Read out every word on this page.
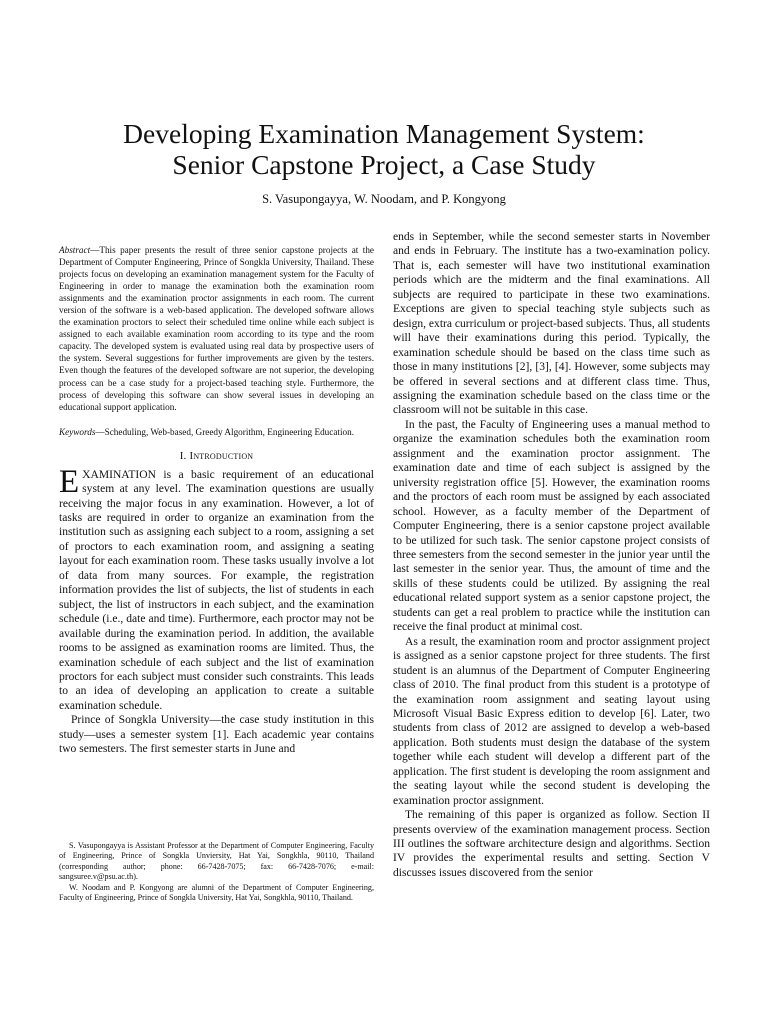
Developing Examination Management System:
Senior Capstone Project, a Case Study
S. Vasupongayya, W. Noodam, and P. Kongyong

Abstract—This paper presents the result of three senior capstone projects at the Department of Computer Engineering, Prince of Songkla University, Thailand. These projects focus on developing an examination management system for the Faculty of Engineering in order to manage the examination both the examination room assignments and the examination proctor assignments in each room. The current version of the software is a web-based application. The developed software allows the examination proctors to select their scheduled time online while each subject is assigned to each available examination room according to its type and the room capacity. The developed system is evaluated using real data by prospective users of the system. Several suggestions for further improvements are given by the testers. Even though the features of the developed software are not superior, the developing process can be a case study for a project-based teaching style. Furthermore, the process of developing this software can show several issues in developing an educational support application.

Keywords—Scheduling, Web-based, Greedy Algorithm, Engineering Education.

I. Introduction

EXAMINATION is a basic requirement of an educational system at any level. The examination questions are usually receiving the major focus in any examination. However, a lot of tasks are required in order to organize an examination from the institution such as assigning each subject to a room, assigning a set of proctors to each examination room, and assigning a seating layout for each examination room. These tasks usually involve a lot of data from many sources. For example, the registration information provides the list of subjects, the list of students in each subject, the list of instructors in each subject, and the examination schedule (i.e., date and time). Furthermore, each proctor may not be available during the examination period. In addition, the available rooms to be assigned as examination rooms are limited. Thus, the examination schedule of each subject and the list of examination proctors for each subject must consider such constraints. This leads to an idea of developing an application to create a suitable examination schedule.

Prince of Songkla University—the case study institution in this study—uses a semester system [1]. Each academic year contains two semesters. The first semester starts in June and

S. Vasupongayya is Assistant Professor at the Department of Computer Engineering, Faculty of Engineering, Prince of Songkla Unviersity, Hat Yai, Songkhla, 90110, Thailand (corresponding author; phone: 66-7428-7075; fax: 66-7428-7076; e-mail: sangsuree.v@psu.ac.th).

W. Noodam and P. Kongyong are alumni of the Department of Computer Engineering, Faculty of Engineering, Prince of Songkla University, Hat Yai, Songkhla, 90110, Thailand.

ends in September, while the second semester starts in November and ends in February. The institute has a two-examination policy. That is, each semester will have two institutional examination periods which are the midterm and the final examinations. All subjects are required to participate in these two examinations. Exceptions are given to special teaching style subjects such as design, extra curriculum or project-based subjects. Thus, all students will have their examinations during this period. Typically, the examination schedule should be based on the class time such as those in many institutions [2], [3], [4]. However, some subjects may be offered in several sections and at different class time. Thus, assigning the examination schedule based on the class time or the classroom will not be suitable in this case.

In the past, the Faculty of Engineering uses a manual method to organize the examination schedules both the examination room assignment and the examination proctor assignment. The examination date and time of each subject is assigned by the university registration office [5]. However, the examination rooms and the proctors of each room must be assigned by each associated school. However, as a faculty member of the Department of Computer Engineering, there is a senior capstone project available to be utilized for such task. The senior capstone project consists of three semesters from the second semester in the junior year until the last semester in the senior year. Thus, the amount of time and the skills of these students could be utilized. By assigning the real educational related support system as a senior capstone project, the students can get a real problem to practice while the institution can receive the final product at minimal cost.

As a result, the examination room and proctor assignment project is assigned as a senior capstone project for three students. The first student is an alumnus of the Department of Computer Engineering class of 2010. The final product from this student is a prototype of the examination room assignment and seating layout using Microsoft Visual Basic Express edition to develop [6]. Later, two students from class of 2012 are assigned to develop a web-based application. Both students must design the database of the system together while each student will develop a different part of the application. The first student is developing the room assignment and the seating layout while the second student is developing the examination proctor assignment.

The remaining of this paper is organized as follow. Section II presents overview of the examination management process. Section III outlines the software architecture design and algorithms. Section IV provides the experimental results and setting. Section V discusses issues discovered from the senior
